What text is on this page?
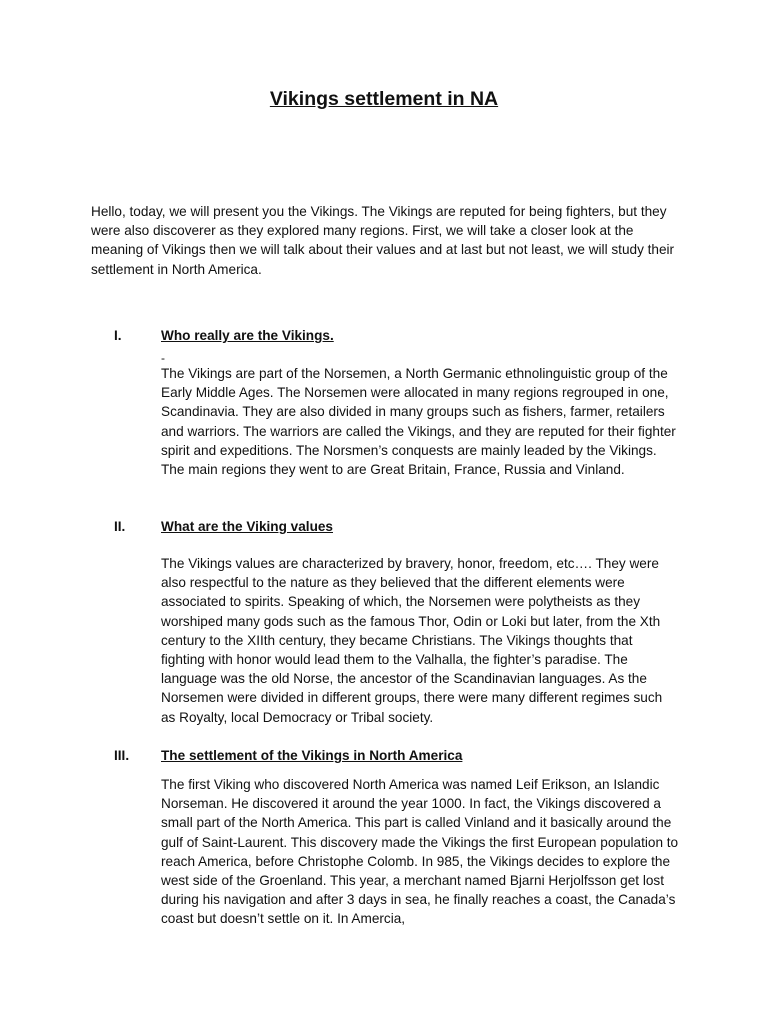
Vikings settlement in NA

Hello, today, we will present you the Vikings. The Vikings are reputed for being fighters, but they were also discoverer as they explored many regions. First, we will take a closer look at the meaning of Vikings then we will talk about their values and at last but not least, we will study their settlement in North America.

I.	Who really are the Vikings.
-

The Vikings are part of the Norsemen, a North Germanic ethnolinguistic group of the Early Middle Ages. The Norsemen were allocated in many regions regrouped in one, Scandinavia. They are also divided in many groups such as fishers, farmer, retailers and warriors. The warriors are called the Vikings, and they are reputed for their fighter spirit and expeditions. The Norsmen’s conquests are mainly leaded by the Vikings. The main regions they went to are Great Britain, France, Russia and Vinland.

II.	What are the Viking values

The Vikings values are characterized by bravery, honor, freedom, etc…. They were also respectful to the nature as they believed that the different elements were associated to spirits. Speaking of which, the Norsemen were polytheists as they worshiped many gods such as the famous Thor, Odin or Loki but later, from the Xth century to the XIIth century, they became Christians. The Vikings thoughts that fighting with honor would lead them to the Valhalla, the fighter’s paradise. The language was the old Norse, the ancestor of the Scandinavian languages. As the Norsemen were divided in different groups, there were many different regimes such as Royalty, local Democracy or Tribal society.

III. The settlement of the Vikings in North America

The first Viking who discovered North America was named Leif Erikson, an Islandic Norseman. He discovered it around the year 1000. In fact, the Vikings discovered a small part of the North America. This part is called Vinland and it basically around the gulf of Saint-Laurent. This discovery made the Vikings the first European population to reach America, before Christophe Colomb. In 985, the Vikings decides to explore the west side of the Groenland. This year, a merchant named Bjarni Herjolfsson get lost during his navigation and after 3 days in sea, he finally reaches a coast, the Canada’s coast but doesn’t settle on it. In Amercia,
